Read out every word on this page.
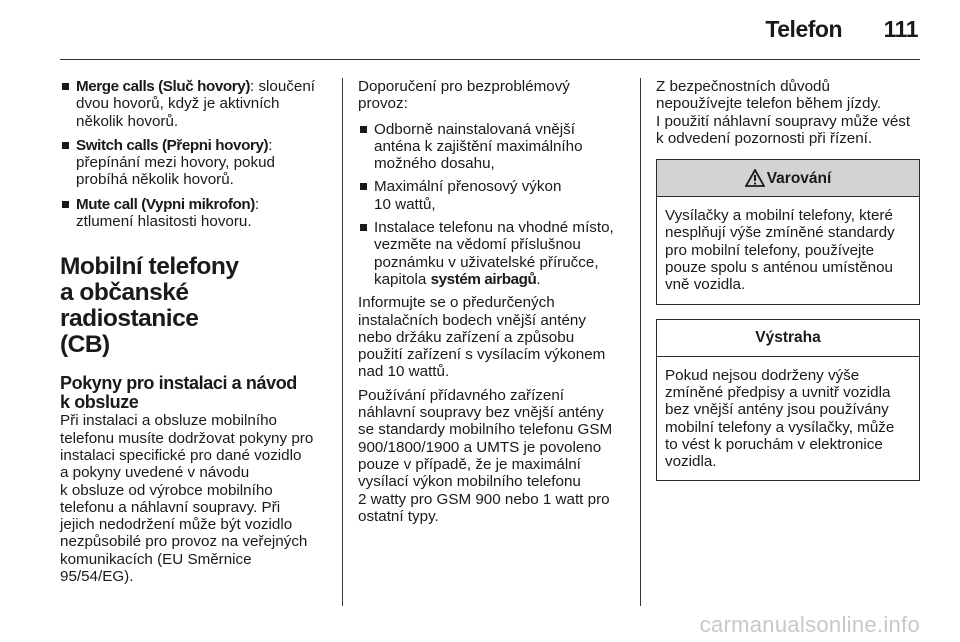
Telefon 111
Merge calls (Sluč hovory): sloučení
dvou hovorů, když je aktivních
několik hovorů.
Switch calls (Přepni hovory):
přepínání mezi hovory, pokud
probíhá několik hovorů.
Mute call (Vypni mikrofon):
ztlumení hlasitosti hovoru.
Mobilní telefony
a občanské radiostanice
(CB)
Pokyny pro instalaci a návod
k obsluze
Při instalaci a obsluze mobilního
telefonu musíte dodržovat pokyny pro
instalaci specifické pro dané vozidlo
a pokyny uvedené v návodu
k obsluze od výrobce mobilního
telefonu a náhlavní soupravy. Při
jejich nedodržení může být vozidlo
nezpůsobilé pro provoz na veřejných
komunikacích (EU Směrnice
95/54/EG).
Doporučení pro bezproblémový
provoz:
Odborně nainstalovaná vnější
anténa k zajištění maximálního
možného dosahu,
Maximální přenosový výkon
10 wattů,
Instalace telefonu na vhodné místo,
vezměte na vědomí příslušnou
poznámku v uživatelské příručce,
kapitola systém airbagů.
Informujte se o předurčených
instalačních bodech vnější antény
nebo držáku zařízení a způsobu
použití zařízení s vysílacím výkonem
nad 10 wattů.
Používání přídavného zařízení
náhlavní soupravy bez vnější antény
se standardy mobilního telefonu GSM
900/1800/1900 a UMTS je povoleno
pouze v případě, že je maximální
vysílací výkon mobilního telefonu
2 watty pro GSM 900 nebo 1 watt pro
ostatní typy.
Z bezpečnostních důvodů
nepoužívejte telefon během jízdy.
I použití náhlavní soupravy může vést
k odvedení pozornosti při řízení.
Varování
Vysílačky a mobilní telefony, které
nesplňují výše zmíněné standardy
pro mobilní telefony, používejte
pouze spolu s anténou umístěnou
vně vozidla.
Výstraha
Pokud nejsou dodrženy výše
zmíněné předpisy a uvnitř vozidla
bez vnější antény jsou používány
mobilní telefony a vysílačky, může
to vést k poruchám v elektronice
vozidla.
carmanualsonline.info
